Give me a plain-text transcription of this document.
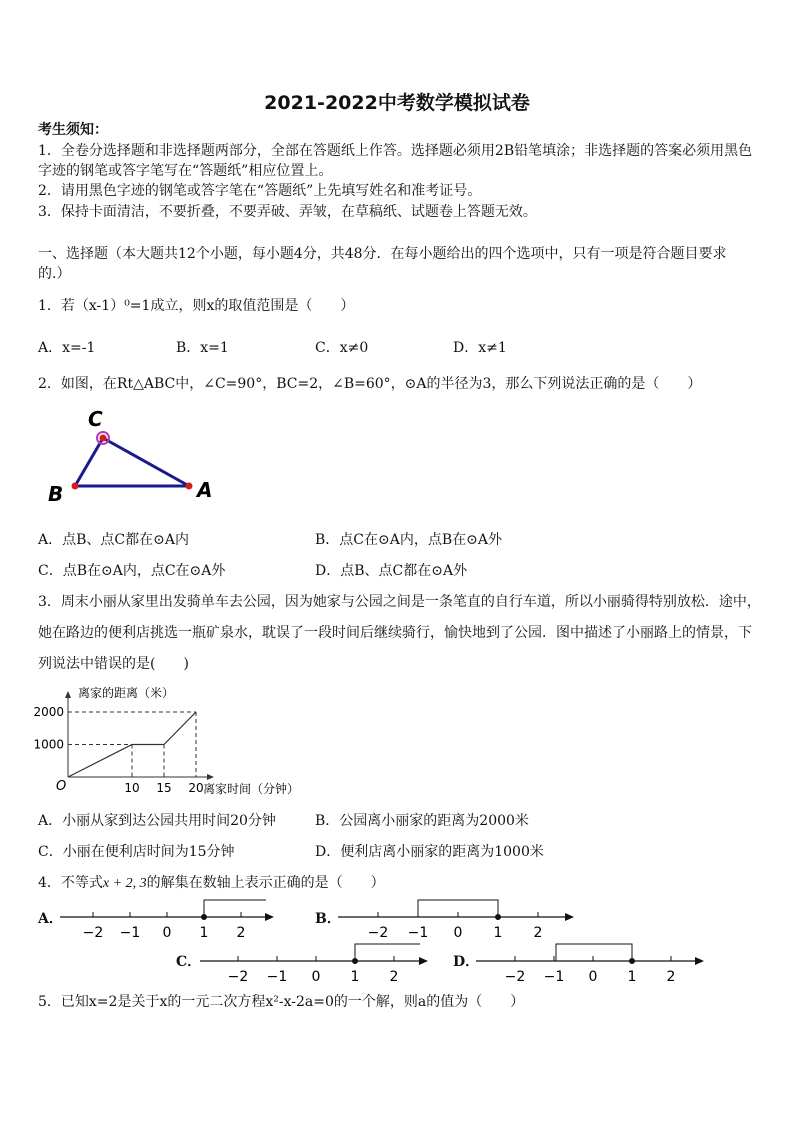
2021-2022中考数学模拟试卷
考生须知：
1．全卷分选择题和非选择题两部分，全部在答题纸上作答。选择题必须用2B铅笔填涂；非选择题的答案必须用黑色
字迹的钢笔或答字笔写在“答题纸”相应位置上。
2．请用黑色字迹的钢笔或答字笔在“答题纸”上先填写姓名和准考证号。
3．保持卡面清洁，不要折叠，不要弄破、弄皱，在草稿纸、试题卷上答题无效。
一、选择题（本大题共12个小题，每小题4分，共48分．在每小题给出的四个选项中，只有一项是符合题目要求
的.）
1．若（x-1）⁰=1成立，则x的取值范围是（　　）
A．x=-1	B．x=1	C．x≠0	D．x≠1
2．如图，在Rt△ABC中，∠C=90°，BC=2，∠B=60°，⊙A的半径为3，那么下列说法正确的是（　　）
C
B	A
A．点B、点C都在⊙A内	B．点C在⊙A内，点B在⊙A外
C．点B在⊙A内，点C在⊙A外	D．点B、点C都在⊙A外
3．周末小丽从家里出发骑单车去公园，因为她家与公园之间是一条笔直的自行车道，所以小丽骑得特别放松．途中，
她在路边的便利店挑选一瓶矿泉水，耽误了一段时间后继续骑行，愉快地到了公园．图中描述了小丽路上的情景，下
列说法中错误的是(　　)
离家的距离（米）
离家时间（分钟）
O
1000
2000
10 15 20
A．小丽从家到达公园共用时间20分钟	B．公园离小丽家的距离为2000米
C．小丽在便利店时间为15分钟	D．便利店离小丽家的距离为1000米
4．不等式x + 2, 3的解集在数轴上表示正确的是（　　）
A．	B．
C．	D．
−2 −1 0 1 2	−2 −1 0 1 2
−2 −1 0 1 2	−2 −1 0 1 2
5．已知x=2是关于x的一元二次方程x²-x-2a=0的一个解，则a的值为（　　）
